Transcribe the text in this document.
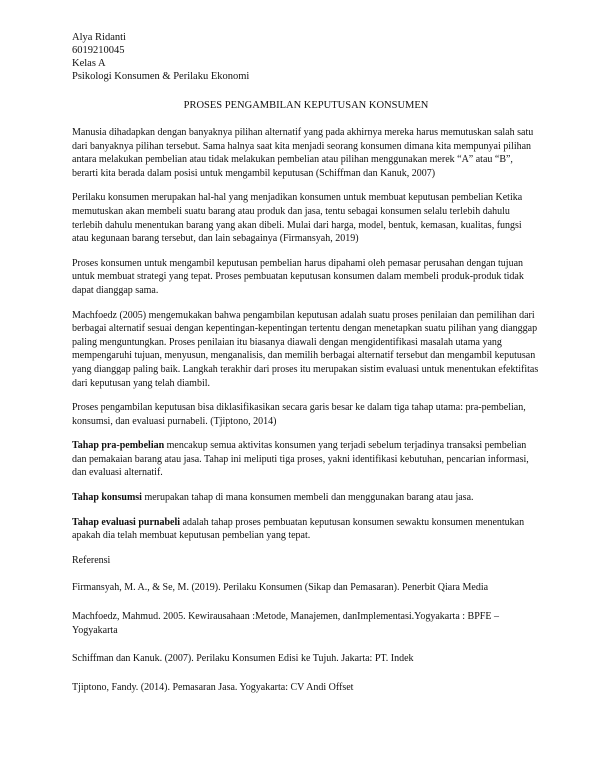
Alya Ridanti

6019210045

Kelas A

Psikologi Konsumen & Perilaku Ekonomi

PROSES PENGAMBILAN KEPUTUSAN KONSUMEN

Manusia dihadapkan dengan banyaknya pilihan alternatif yang pada akhirnya mereka harus memutuskan salah satu dari banyaknya pilihan tersebut. Sama halnya saat kita menjadi seorang konsumen dimana kita mempunyai pilihan antara melakukan pembelian atau tidak melakukan pembelian atau pilihan menggunakan merek “A” atau “B”, berarti kita berada dalam posisi untuk mengambil keputusan (Schiffman dan Kanuk, 2007)

Perilaku konsumen merupakan hal-hal yang menjadikan konsumen untuk membuat keputusan pembelian Ketika memutuskan akan membeli suatu barang atau produk dan jasa, tentu sebagai konsumen selalu terlebih dahulu terlebih dahulu menentukan barang yang akan dibeli. Mulai dari harga, model, bentuk, kemasan, kualitas, fungsi atau kegunaan barang tersebut, dan lain sebagainya (Firmansyah, 2019)

Proses konsumen untuk mengambil keputusan pembelian harus dipahami oleh pemasar perusahan dengan tujuan untuk membuat strategi yang tepat. Proses pembuatan keputusan konsumen dalam membeli produk-produk tidak dapat dianggap sama.

Machfoedz (2005) mengemukakan bahwa pengambilan keputusan adalah suatu proses penilaian dan pemilihan dari berbagai alternatif sesuai dengan kepentingan-kepentingan tertentu dengan menetapkan suatu pilihan yang dianggap paling menguntungkan. Proses penilaian itu biasanya diawali dengan mengidentifikasi masalah utama yang mempengaruhi tujuan, menyusun, menganalisis, dan memilih berbagai alternatif tersebut dan mengambil keputusan yang dianggap paling baik. Langkah terakhir dari proses itu merupakan sistim evaluasi untuk menentukan efektifitas dari keputusan yang telah diambil.

Proses pengambilan keputusan bisa diklasifikasikan secara garis besar ke dalam tiga tahap utama: pra-pembelian, konsumsi, dan evaluasi purnabeli. (Tjiptono, 2014)

Tahap pra-pembelian mencakup semua aktivitas konsumen yang terjadi sebelum terjadinya transaksi pembelian dan pemakaian barang atau jasa. Tahap ini meliputi tiga proses, yakni identifikasi kebutuhan, pencarian informasi, dan evaluasi alternatif.

Tahap konsumsi merupakan tahap di mana konsumen membeli dan menggunakan barang atau jasa.

Tahap evaluasi purnabeli adalah tahap proses pembuatan keputusan konsumen sewaktu konsumen menentukan apakah dia telah membuat keputusan pembelian yang tepat.

Referensi
Firmansyah, M. A., & Se, M. (2019). Perilaku Konsumen (Sikap dan Pemasaran). Penerbit Qiara Media
Machfoedz, Mahmud. 2005. Kewirausahaan :Metode, Manajemen, danImplementasi.Yogyakarta : BPFE – Yogyakarta
Schiffman dan Kanuk. (2007). Perilaku Konsumen Edisi ke Tujuh. Jakarta: PT. Indek
Tjiptono, Fandy. (2014). Pemasaran Jasa. Yogyakarta: CV Andi Offset
